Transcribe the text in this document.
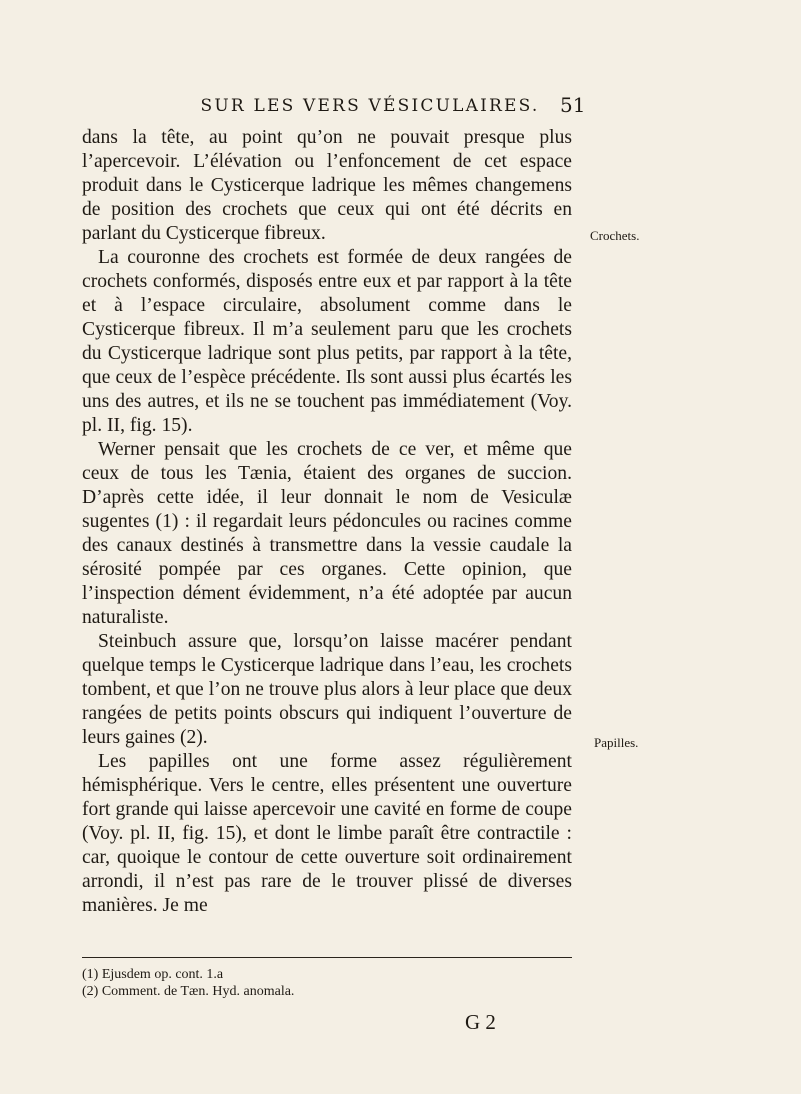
SUR LES VERS VÉSICULAIRES.	51

dans la tête, au point qu’on ne pouvait presque plus l’apercevoir. L’élévation ou l’enfoncement de cet espace produit dans le Cysticerque ladrique les mêmes changemens de position des crochets que ceux qui ont été décrits en parlant du Cysticerque fibreux.

La couronne des crochets est formée de deux rangées de crochets conformés, disposés entre eux et par rapport à la tête et à l’espace circulaire, absolument comme dans le Cysticerque fibreux. Il m’a seulement paru que les crochets du Cysticerque ladrique sont plus petits, par rapport à la tête, que ceux de l’espèce précédente. Ils sont aussi plus écartés les uns des autres, et ils ne se touchent pas immédiatement (Voy. pl. II, fig. 15).

Werner pensait que les crochets de ce ver, et même que ceux de tous les Tænia, étaient des organes de succion. D’après cette idée, il leur donnait le nom de Vesiculæ sugentes (1) : il regardait leurs pédoncules ou racines comme des canaux destinés à transmettre dans la vessie caudale la sérosité pompée par ces organes. Cette opinion, que l’inspection dément évidemment, n’a été adoptée par aucun naturaliste.

Steinbuch assure que, lorsqu’on laisse macérer pendant quelque temps le Cysticerque ladrique dans l’eau, les crochets tombent, et que l’on ne trouve plus alors à leur place que deux rangées de petits points obscurs qui indiquent l’ouverture de leurs gaines (2).

Les papilles ont une forme assez régulièrement hémisphérique. Vers le centre, elles présentent une ouverture fort grande qui laisse apercevoir une cavité en forme de coupe (Voy. pl. II, fig. 15), et dont le limbe paraît être contractile : car, quoique le contour de cette ouverture soit ordinairement arrondi, il n’est pas rare de le trouver plissé de diverses manières. Je me

Crochets.
Papilles.
(1) Ejusdem op. cont. 1.a
(2) Comment. de Tæn. Hyd. anomala.
G 2
